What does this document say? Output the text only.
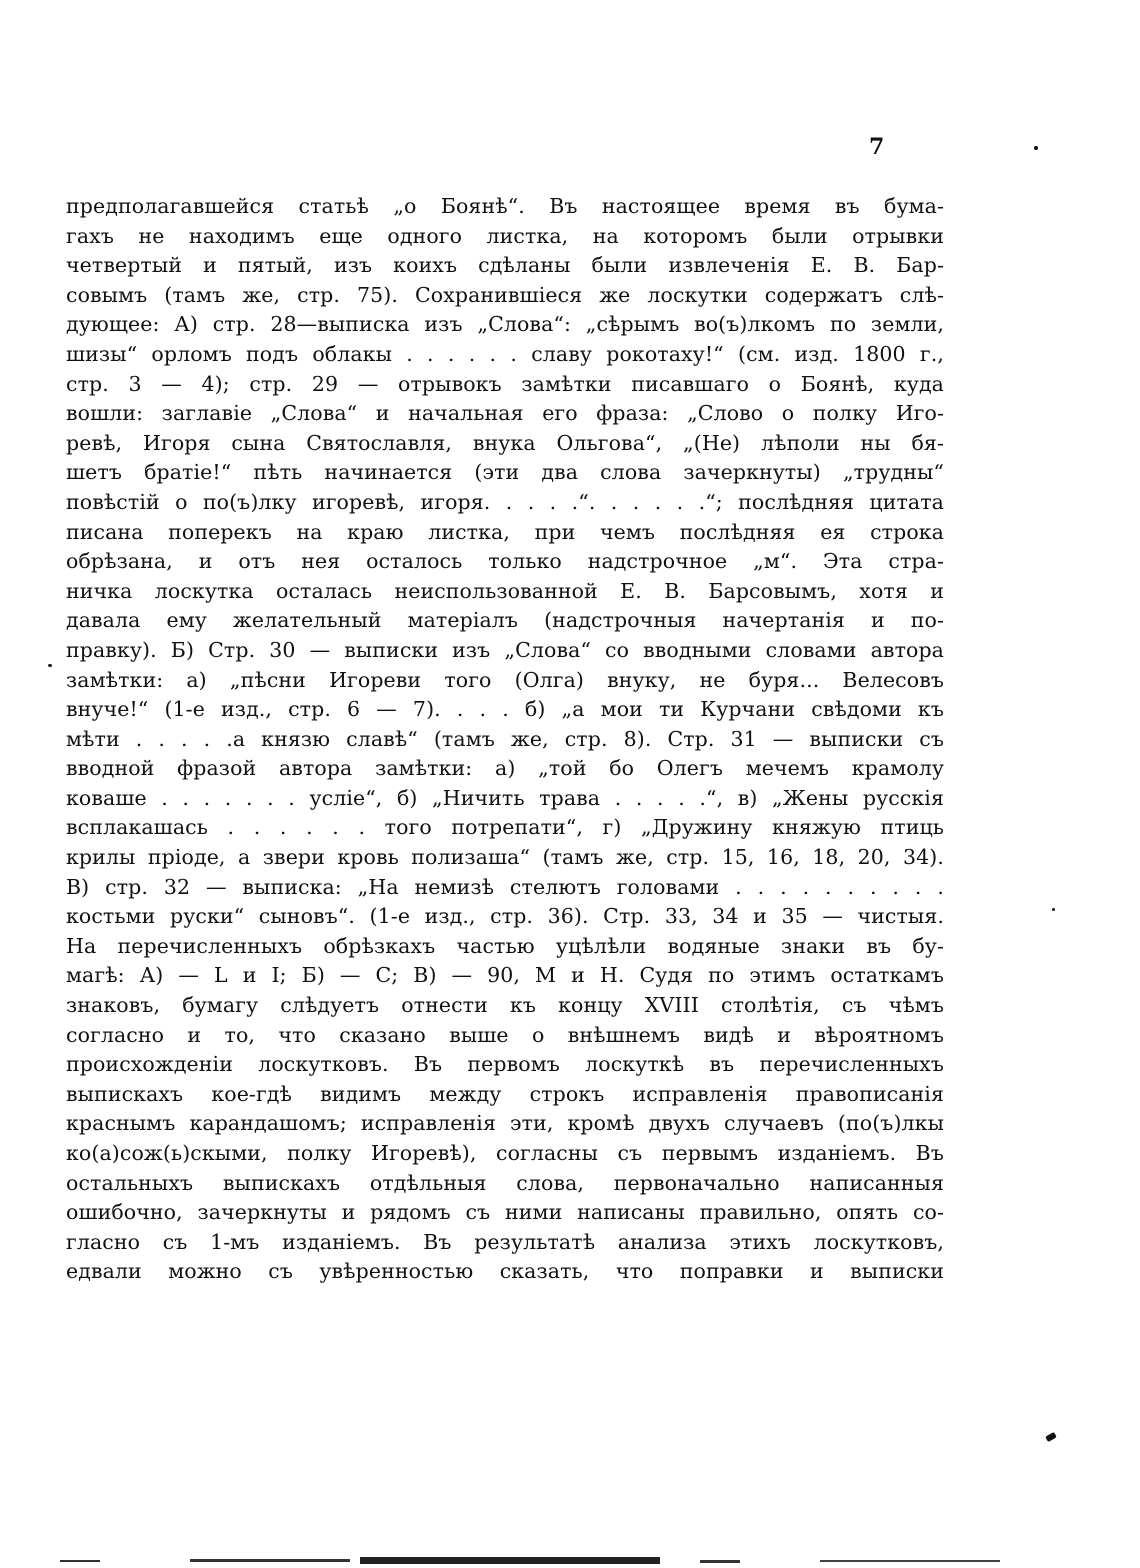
7
предполагавшейся статьѣ „о Боянѣ“. Въ настоящее время въ бума-
гахъ не находимъ еще одного листка, на которомъ были отрывки
четвертый и пятый, изъ коихъ сдѣланы были извлеченія Е. В. Бар-
совымъ (тамъ же, стр. 75). Сохранившіеся же лоскутки содержатъ слѣ-
дующее: А) стр. 28—выписка изъ „Слова“: „сѣрымъ во(ъ)лкомъ по земли,
шизы“ орломъ подъ облакы . . . . . . славу рокотаху!“ (см. изд. 1800 г.,
стр. 3 — 4); стр. 29 — отрывокъ замѣтки писавшаго о Боянѣ, куда
вошли: заглавіе „Слова“ и начальная его фраза: „Слово о полку Иго-
ревѣ, Игоря сына Святославля, внука Ольгова“, „(Не) лѣполи ны бя-
шетъ братіе!“ пѣть начинается (эти два слова зачеркнуты) „трудны“
повѣстій о по(ъ)лку игоревѣ, игоря. . . . .“. . . . . .“; послѣдняя цитата
писана поперекъ на краю листка, при чемъ послѣдняя ея строка
обрѣзана, и отъ нея осталось только надстрочное „м“. Эта стра-
ничка лоскутка осталась неиспользованной Е. В. Барсовымъ, хотя и
давала ему желательный матеріалъ (надстрочныя начертанія и по-
правку). Б) Стр. 30 — выписки изъ „Слова“ со вводными словами автора
замѣтки: а) „пѣсни Игореви того (Олга) внуку, не буря... Велесовъ
внуче!“ (1-е изд., стр. 6 — 7). . . . б) „а мои ти Курчани свѣдоми къ
мѣти . . . . .а князю славѣ“ (тамъ же, стр. 8). Стр. 31 — выписки съ
вводной фразой автора замѣтки: а) „той бо Олегъ мечемъ крамолу
коваше . . . . . . . усліе“, б) „Ничить трава . . . . .“, в) „Жены русскія
всплакашась . . . . . . того потрепати“, г) „Дружину княжую птиць
крилы пріоде, а звери кровь полизаша“ (тамъ же, стр. 15, 16, 18, 20, 34).
В) стр. 32 — выписка: „На немизѣ стелютъ головами . . . . . . . . . .
костьми руски“ сыновъ“. (1-е изд., стр. 36). Стр. 33, 34 и 35 — чистыя.
На перечисленныхъ обрѣзкахъ частью уцѣлѣли водяные знаки въ бу-
магѣ: А) — L и I; Б) — С; В) — 90, М и Н. Судя по этимъ остаткамъ
знаковъ, бумагу слѣдуетъ отнести къ концу XVIII столѣтія, съ чѣмъ
согласно и то, что сказано выше о внѣшнемъ видѣ и вѣроятномъ
происхожденіи лоскутковъ. Въ первомъ лоскуткѣ въ перечисленныхъ
выпискахъ кое-гдѣ видимъ между строкъ исправленія правописанія
краснымъ карандашомъ; исправленія эти, кромѣ двухъ случаевъ (по(ъ)лкы
ко(а)сож(ь)скыми, полку Игоревѣ), согласны съ первымъ изданіемъ. Въ
остальныхъ выпискахъ отдѣльныя слова, первоначально написанныя
ошибочно, зачеркнуты и рядомъ съ ними написаны правильно, опять со-
гласно съ 1-мъ изданіемъ. Въ результатѣ анализа этихъ лоскутковъ,
едвали можно съ увѣренностью сказать, что поправки и выписки
